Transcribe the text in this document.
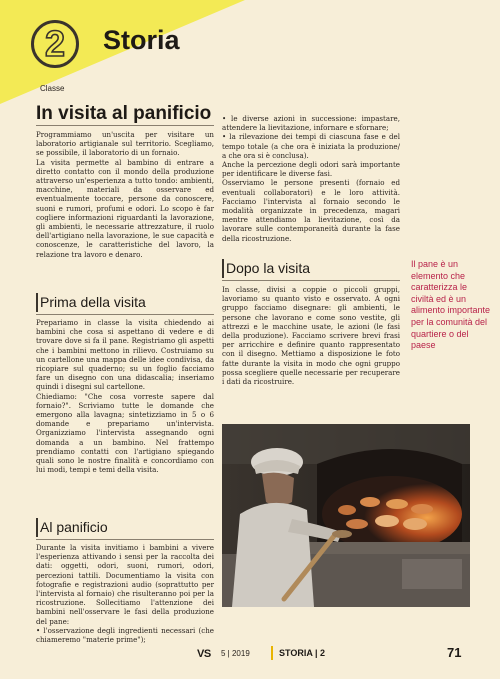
2
Classe
Storia
In visita al panificio

Programmiamo un'uscita per visitare un laboratorio artigianale sul territorio. Scegliamo, se possibile, il laboratorio di un fornaio.

La visita permette al bambino di entrare a diretto contatto con il mondo della produzione attraverso un'esperienza a tutto tondo: ambienti, macchine, materiali da osservare ed eventualmente toccare, persone da conoscere, suoni e rumori, profumi e odori. Lo scopo è far cogliere informazioni riguardanti la lavorazione, gli ambienti, le necessarie attrezzature, il ruolo dell'artigiano nella lavorazione, le sue capacità e conoscenze, le caratteristiche del lavoro, la relazione tra lavoro e denaro.

Prima della visita

Prepariamo in classe la visita chiedendo ai bambini che cosa si aspettano di vedere e di trovare dove si fa il pane. Registriamo gli aspetti che i bambini mettono in rilievo. Costruiamo su un cartellone una mappa delle idee condivisa, da ricopiare sul quaderno; su un foglio facciamo fare un disegno con una didascalia; inseriamo quindi i disegni sul cartellone.

Chiediamo: "Che cosa vorreste sapere dal fornaio?". Scriviamo tutte le domande che emergono alla lavagna; sintetizziamo in 5 o 6 domande e prepariamo un'intervista. Organizziamo l'intervista assegnando ogni domanda a un bambino. Nel frattempo prendiamo contatti con l'artigiano spiegando quali sono le nostre finalità e concordiamo con lui modi, tempi e temi della visita.

Al panificio

Durante la visita invitiamo i bambini a vivere l'esperienza attivando i sensi per la raccolta dei dati: oggetti, odori, suoni, rumori, odori, percezioni tattili. Documentiamo la visita con fotografie e registrazioni audio (soprattutto per l'intervista al fornaio) che risulteranno poi per la ricostruzione. Sollecitiamo l'attenzione dei bambini nell'osservare le fasi della produzione del pane:

• l'osservazione degli ingredienti necessari (che chiameremo "materie prime");

• le diverse azioni in successione: impastare, attendere la lievitazione, infornare e sfornare;

• la rilevazione dei tempi di ciascuna fase e del tempo totale (a che ora è iniziata la produzione/ a che ora si è conclusa).

Anche la percezione degli odori sarà importante per identificare le diverse fasi.

Osserviamo le persone presenti (fornaio ed eventuali collaboratori) e le loro attività. Facciamo l'intervista al fornaio secondo le modalità organizzate in precedenza, magari mentre attendiamo la lievitazione, così da lavorare sulle contemporaneità durante la fase della ricostruzione.

Dopo la visita

In classe, divisi a coppie o piccoli gruppi, lavoriamo su quanto visto e osservato. A ogni gruppo facciamo disegnare: gli ambienti, le persone che lavorano e come sono vestite, gli attrezzi e le macchine usate, le azioni (le fasi della produzione). Facciamo scrivere brevi frasi per arricchire e definire quanto rappresentato con il disegno. Mettiamo a disposizione le foto fatte durante la visita in modo che ogni gruppo possa scegliere quelle necessarie per recuperare i dati da ricostruire.

Il pane è un elemento che caratterizza le civiltà ed è un alimento importante per la comunità del quartiere o del paese
VS 5 | 2019	STORIA | 2	71
